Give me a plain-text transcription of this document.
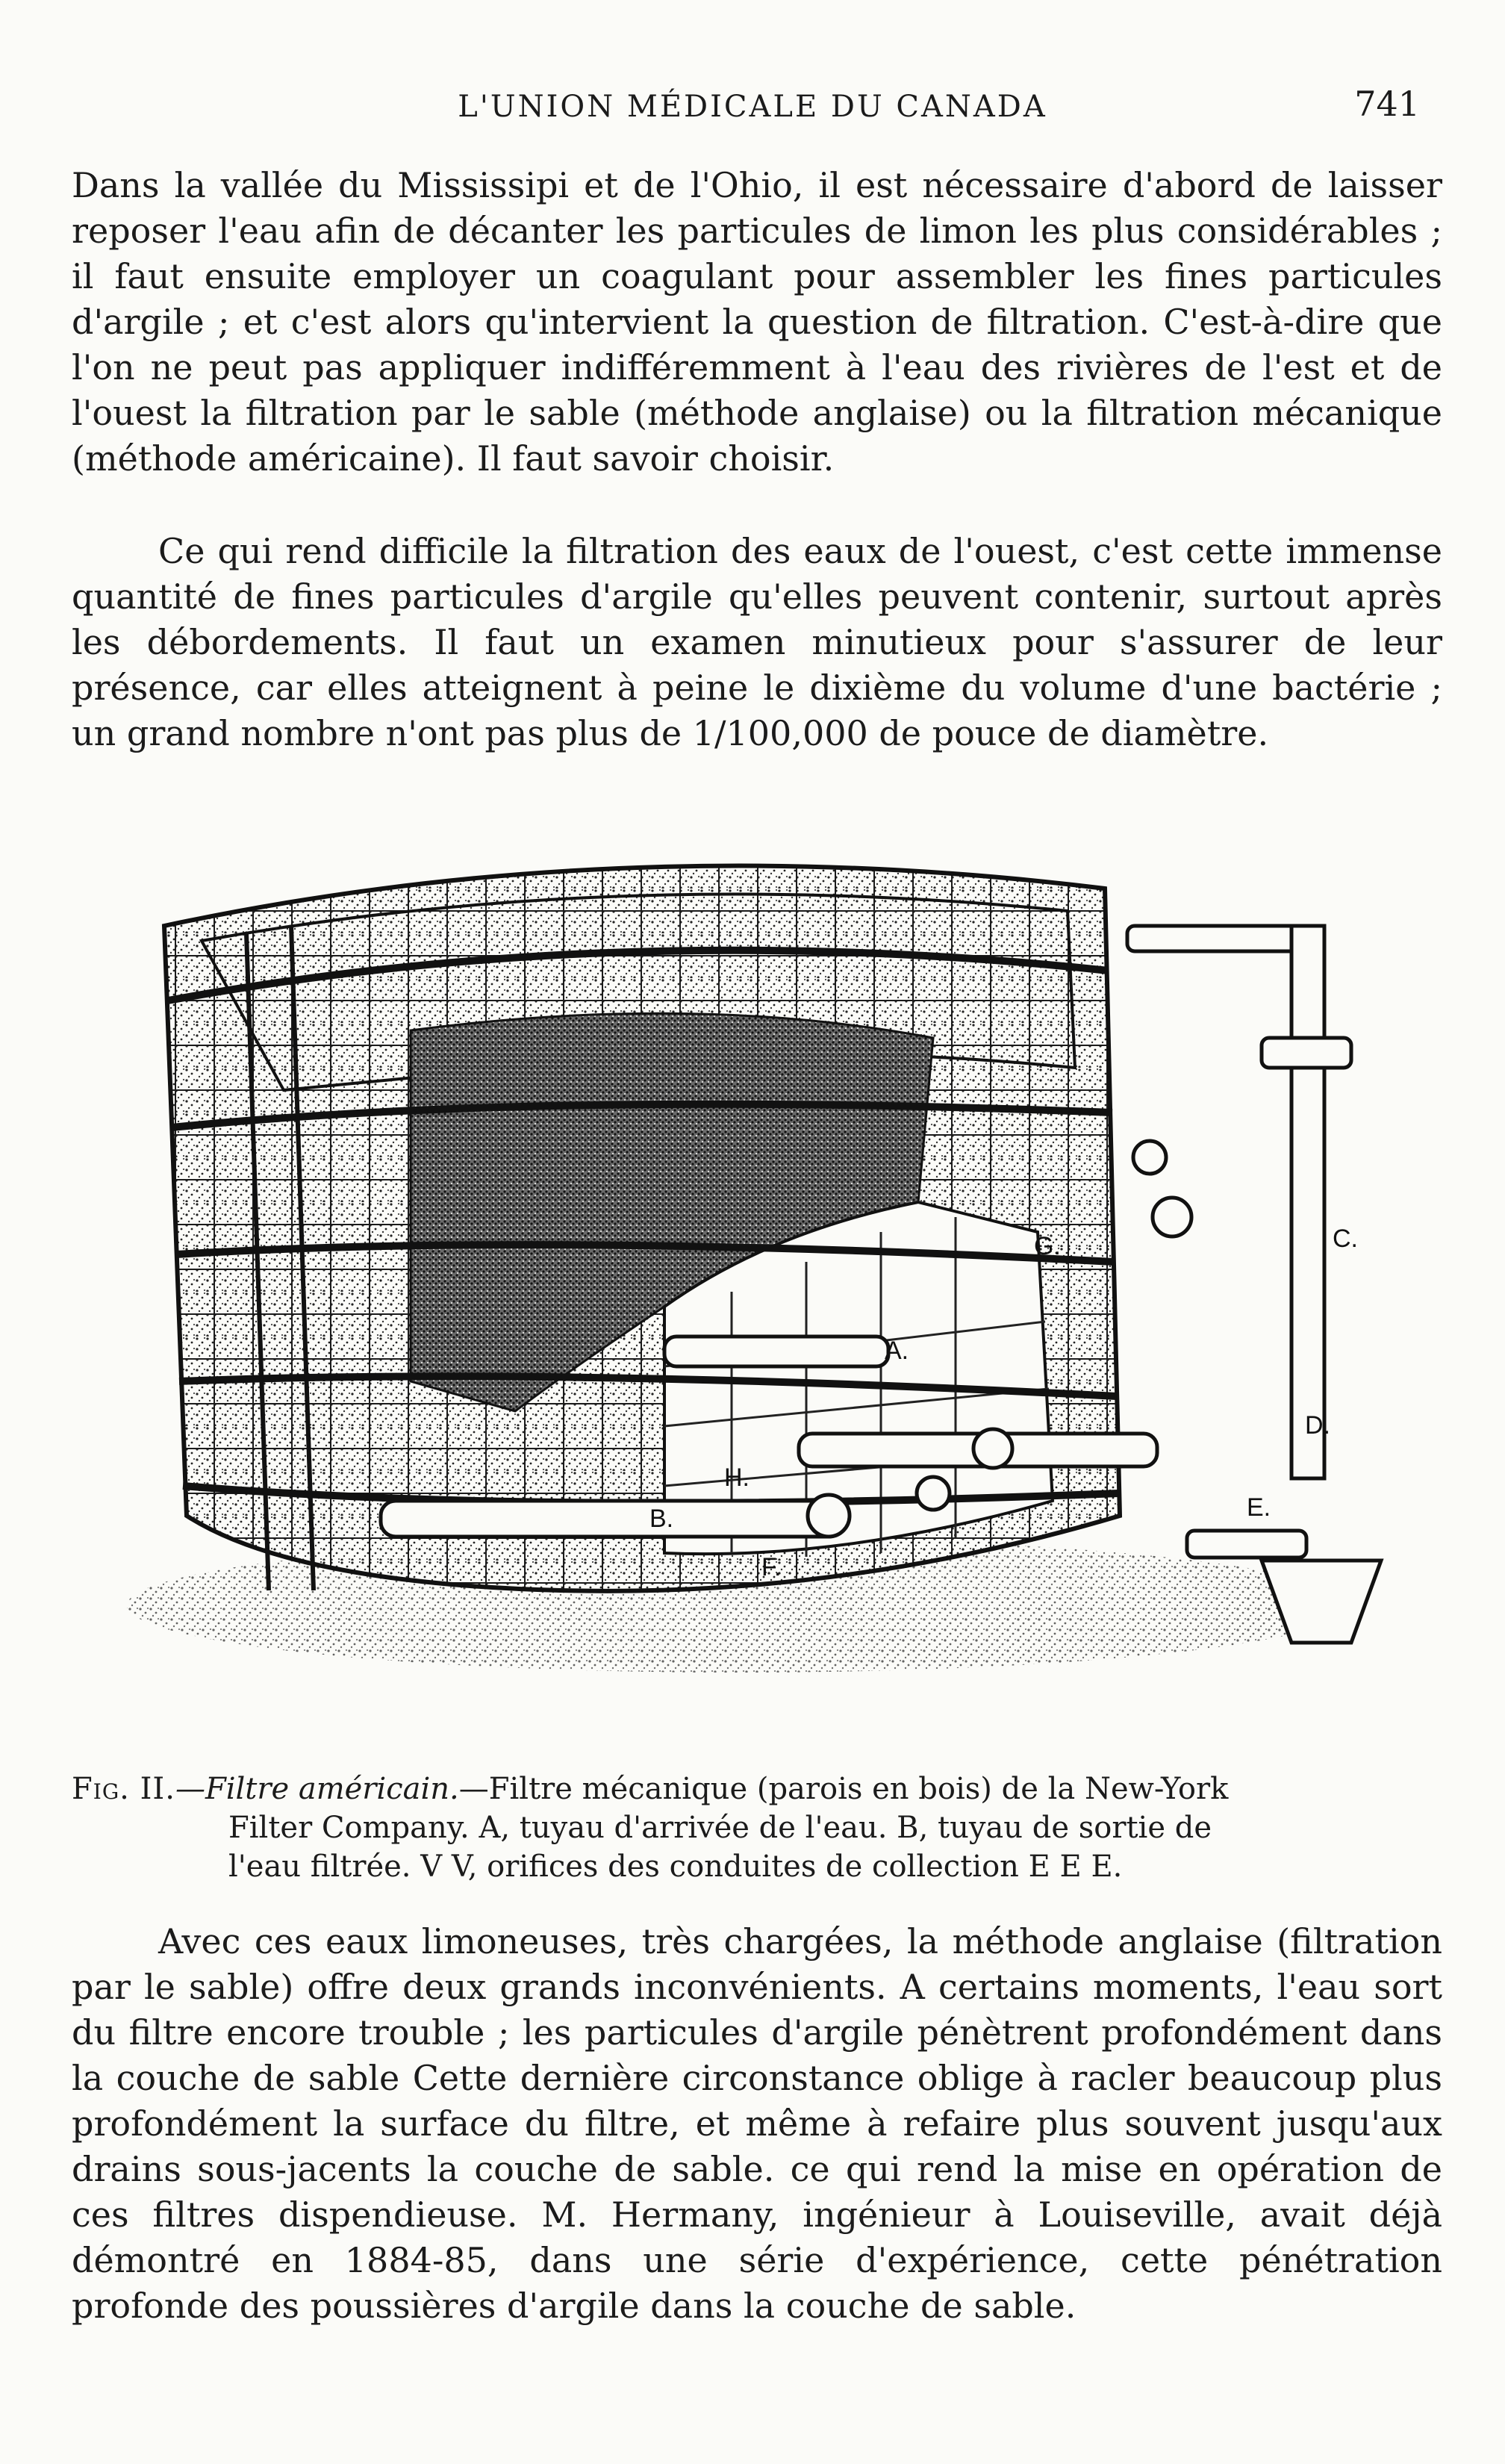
L'UNION MÉDICALE DU CANADA	741

Dans la vallée du Mississipi et de l'Ohio, il est nécessaire d'abord de laisser reposer l'eau afin de décanter les particules de limon les plus considérables ; il faut ensuite employer un coagulant pour assembler les fines particules d'argile ; et c'est alors qu'intervient la question de filtration. C'est-à-dire que l'on ne peut pas appliquer indifféremment à l'eau des rivières de l'est et de l'ouest la filtration par le sable (méthode anglaise) ou la filtration mécanique (méthode américaine). Il faut savoir choisir.

Ce qui rend difficile la filtration des eaux de l'ouest, c'est cette immense quantité de fines particules d'argile qu'elles peuvent contenir, surtout après les débordements. Il faut un examen minutieux pour s'assurer de leur présence, car elles atteignent à peine le dixième du volume d'une bactérie ; un grand nombre n'ont pas plus de 1/100,000 de pouce de diamètre.

A.
B.
C.
D.
E.
F.
G.
H.
Fig. II.—Filtre américain.—Filtre mécanique (parois en bois) de la New-York
Filter Company. A, tuyau d'arrivée de l'eau. B, tuyau de sortie de
l'eau filtrée. V V, orifices des conduites de collection E E E.

Avec ces eaux limoneuses, très chargées, la méthode anglaise (filtration par le sable) offre deux grands inconvénients. A certains moments, l'eau sort du filtre encore trouble ; les particules d'argile pénètrent profondément dans la couche de sable Cette dernière circonstance oblige à racler beaucoup plus profondément la surface du filtre, et même à refaire plus souvent jusqu'aux drains sous-jacents la couche de sable. ce qui rend la mise en opération de ces filtres dispendieuse. M. Hermany, ingénieur à Louiseville, avait déjà démontré en 1884-85, dans une série d'expérience, cette pénétration profonde des poussières d'argile dans la couche de sable.
